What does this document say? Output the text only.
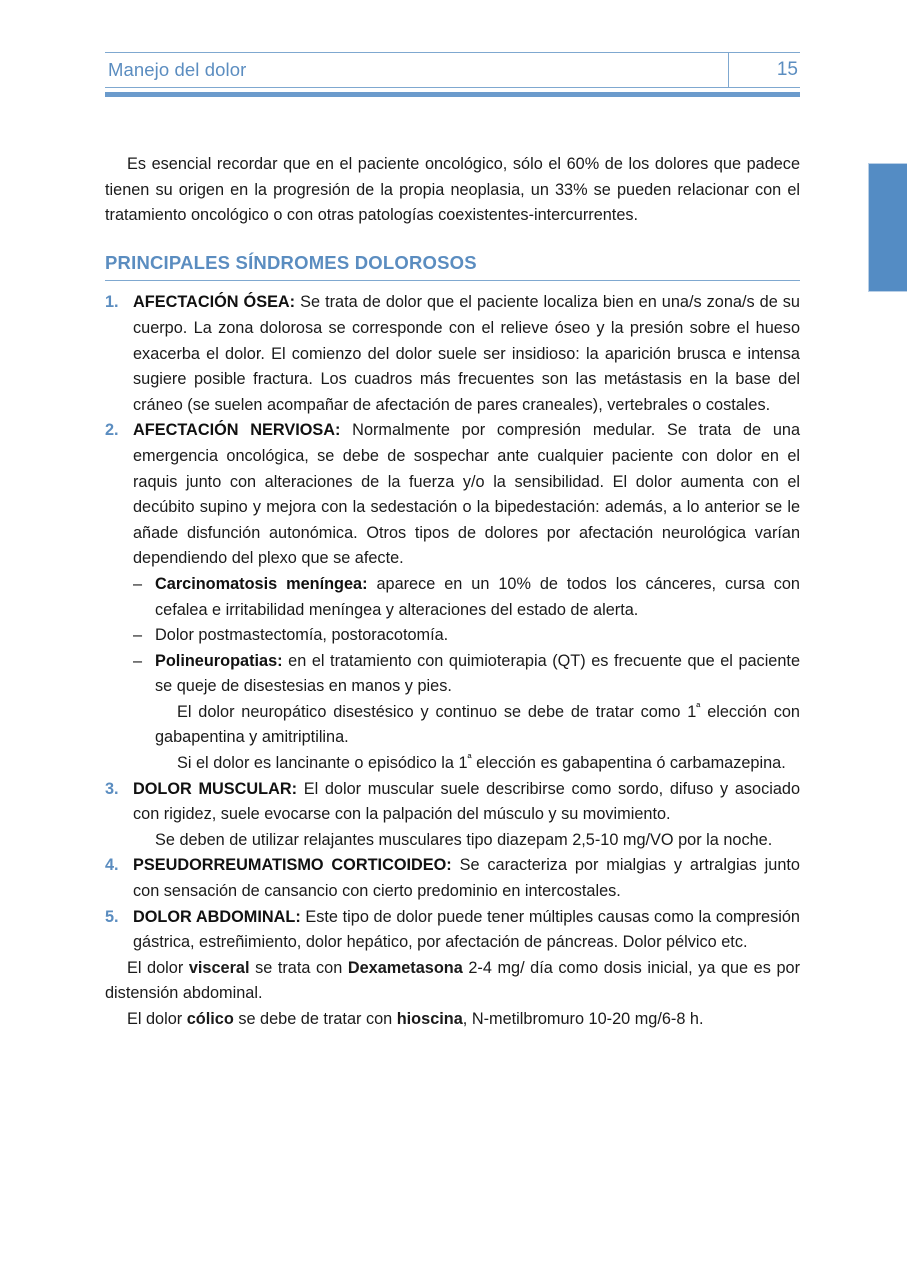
Manejo del dolor	15

Es esencial recordar que en el paciente oncológico, sólo el 60% de los dolores que padece tienen su origen en la progresión de la propia neoplasia, un 33% se pueden relacionar con el tratamiento oncológico o con otras patologías coexistentes-intercurrentes.

PRINCIPALES SÍNDROMES DOLOROSOS
1. AFECTACIÓN ÓSEA: Se trata de dolor que el paciente localiza bien en una/s zona/s de su cuerpo. La zona dolorosa se corresponde con el relieve óseo y la presión sobre el hueso exacerba el dolor. El comienzo del dolor suele ser insidioso: la aparición brusca e intensa sugiere posible fractura. Los cuadros más frecuentes son las metástasis en la base del cráneo (se suelen acompañar de afectación de pares craneales), vertebrales o costales.
2. AFECTACIÓN NERVIOSA: Normalmente por compresión medular. Se trata de una emergencia oncológica, se debe de sospechar ante cualquier paciente con dolor en el raquis junto con alteraciones de la fuerza y/o la sensibilidad. El dolor aumenta con el decúbito supino y mejora con la sedestación o la bipedestación: además, a lo anterior se le añade disfunción autonómica. Otros tipos de dolores por afectación neurológica varían dependiendo del plexo que se afecte.
– Carcinomatosis meníngea: aparece en un 10% de todos los cánceres, cursa con cefalea e irritabilidad meníngea y alteraciones del estado de alerta.
– Dolor postmastectomía, postoracotomía.
– Polineuropatias: en el tratamiento con quimioterapia (QT) es frecuente que el paciente se queje de disestesias en manos y pies.

El dolor neuropático disestésico y continuo se debe de tratar como $1^ª$ elección con gabapentina y amitriptilina.

Si el dolor es lancinante o episódico la $1^ª$ elección es gabapentina ó carbamazepina.

3. DOLOR MUSCULAR: El dolor muscular suele describirse como sordo, difuso y asociado con rigidez, suele evocarse con la palpación del músculo y su movimiento.

Se deben de utilizar relajantes musculares tipo diazepam 2,5-10 mg/VO por la noche.

4. PSEUDORREUMATISMO CORTICOIDEO: Se caracteriza por mialgias y artralgias junto con sensación de cansancio con cierto predominio en intercostales.
5. DOLOR ABDOMINAL: Este tipo de dolor puede tener múltiples causas como la compresión gástrica, estreñimiento, dolor hepático, por afectación de páncreas. Dolor pélvico etc.

El dolor visceral se trata con Dexametasona 2-4 mg/ día como dosis inicial, ya que es por distensión abdominal.

El dolor cólico se debe de tratar con hioscina, N-metilbromuro 10-20 mg/6-8 h.
